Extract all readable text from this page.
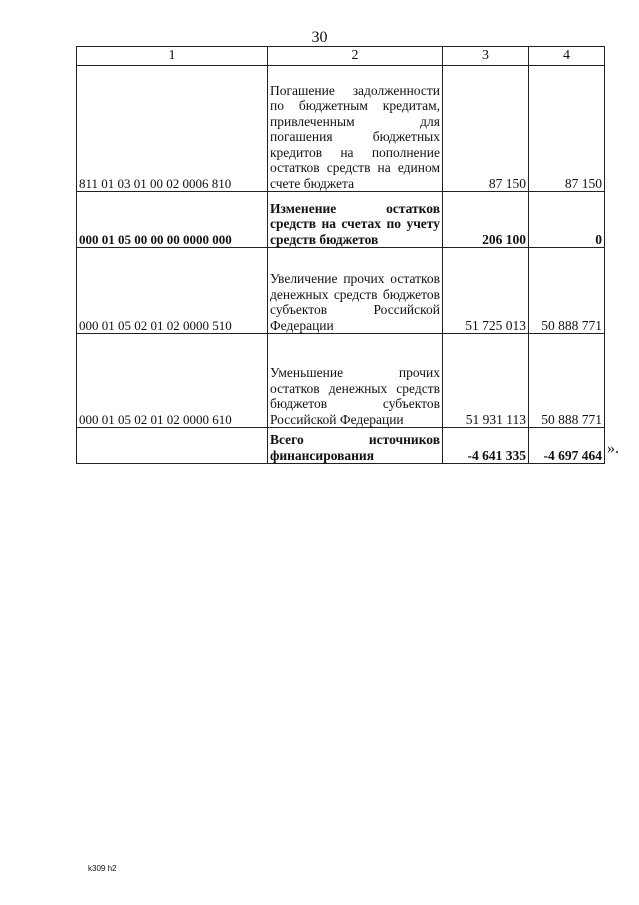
30
1	2	3	4
811 01 03 01 00 02 0006 810	Погашение задолженности по бюджетным кредитам, привлеченным для погашения бюджетных кредитов на пополнение остатков средств на едином счете бюджета	87 150	87 150
000 01 05 00 00 00 0000 000	Изменение остатков средств на счетах по учету средств бюджетов	206 100	0
000 01 05 02 01 02 0000 510	Увеличение прочих остатков денежных средств бюджетов субъектов Российской Федерации	51 725 013	50 888 771
000 01 05 02 01 02 0000 610	Уменьшение прочих остатков денежных средств бюджетов субъектов Российской Федерации	51 931 113	50 888 771
	Всего источников финансирования	-4 641 335	-4 697 464 ».
k309 h2
